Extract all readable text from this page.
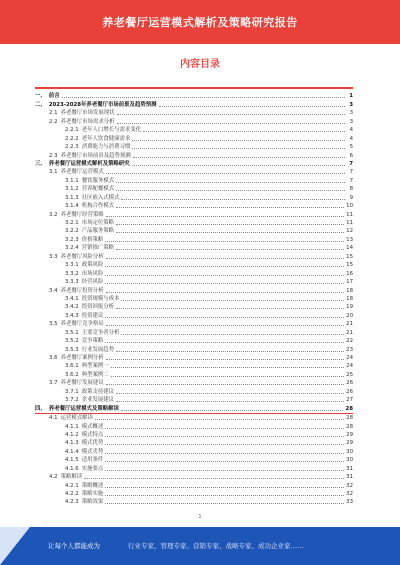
养老餐厅运营模式解析及策略研究报告
内容目录
一、 前言	1
二、 2023-2028年养老餐厅市场前景及趋势预测	3
2.1 养老餐厅市场发展现状	3
2.2 养老餐厅市场需求分析	3
2.2.1 老年人口增长与需求变化	4
2.2.2 老年人饮食健康需求	4
2.2.3 消费能力与消费习惯	5
2.3 养老餐厅市场前景及趋势预测	6
三、 养老餐厅运营模式解析及策略研究	7
3.1 养老餐厅运营模式	7
3.1.1 餐饮服务模式	7
3.1.2 营养配餐模式	8
3.1.3 社区嵌入式模式	9
3.1.4 机构合作模式	10
3.2 养老餐厅经营策略	11
3.2.1 市场定位策略	11
3.2.2 产品服务策略	12
3.2.3 价格策略	13
3.2.4 营销推广策略	14
3.3 养老餐厅风险分析	15
3.3.1 政策风险	15
3.3.2 市场风险	16
3.3.3 经营风险	17
3.4 养老餐厅投资分析	18
3.4.1 投资规模与成本	18
3.4.2 投资回报分析	19
3.4.3 投资建议	20
3.5 养老餐厅竞争格局	21
3.5.1 主要竞争者分析	21
3.5.2 竞争策略	22
3.5.3 行业发展趋势	23
3.6 养老餐厅案例分析	24
3.6.1 典型案例一	24
3.6.2 典型案例二	25
3.7 养老餐厅发展建议	26
3.7.1 政策支持建议	26
3.7.2 企业发展建议	27
四、 养老餐厅运营模式及策略解读	28
4.1 运营模式解读	28
4.1.1 模式概述	28
4.1.2 模式特点	29
4.1.3 模式优势	29
4.1.4 模式劣势	30
4.1.5 适用条件	30
4.1.6 实施要点	31
4.2 策略解读	31
4.2.1 策略概述	32
4.2.2 策略实施	32
4.2.3 策略效果	33
1
让每个人都能成为	行业专家、管理专家、营销专家、战略专家、成功企业家……
